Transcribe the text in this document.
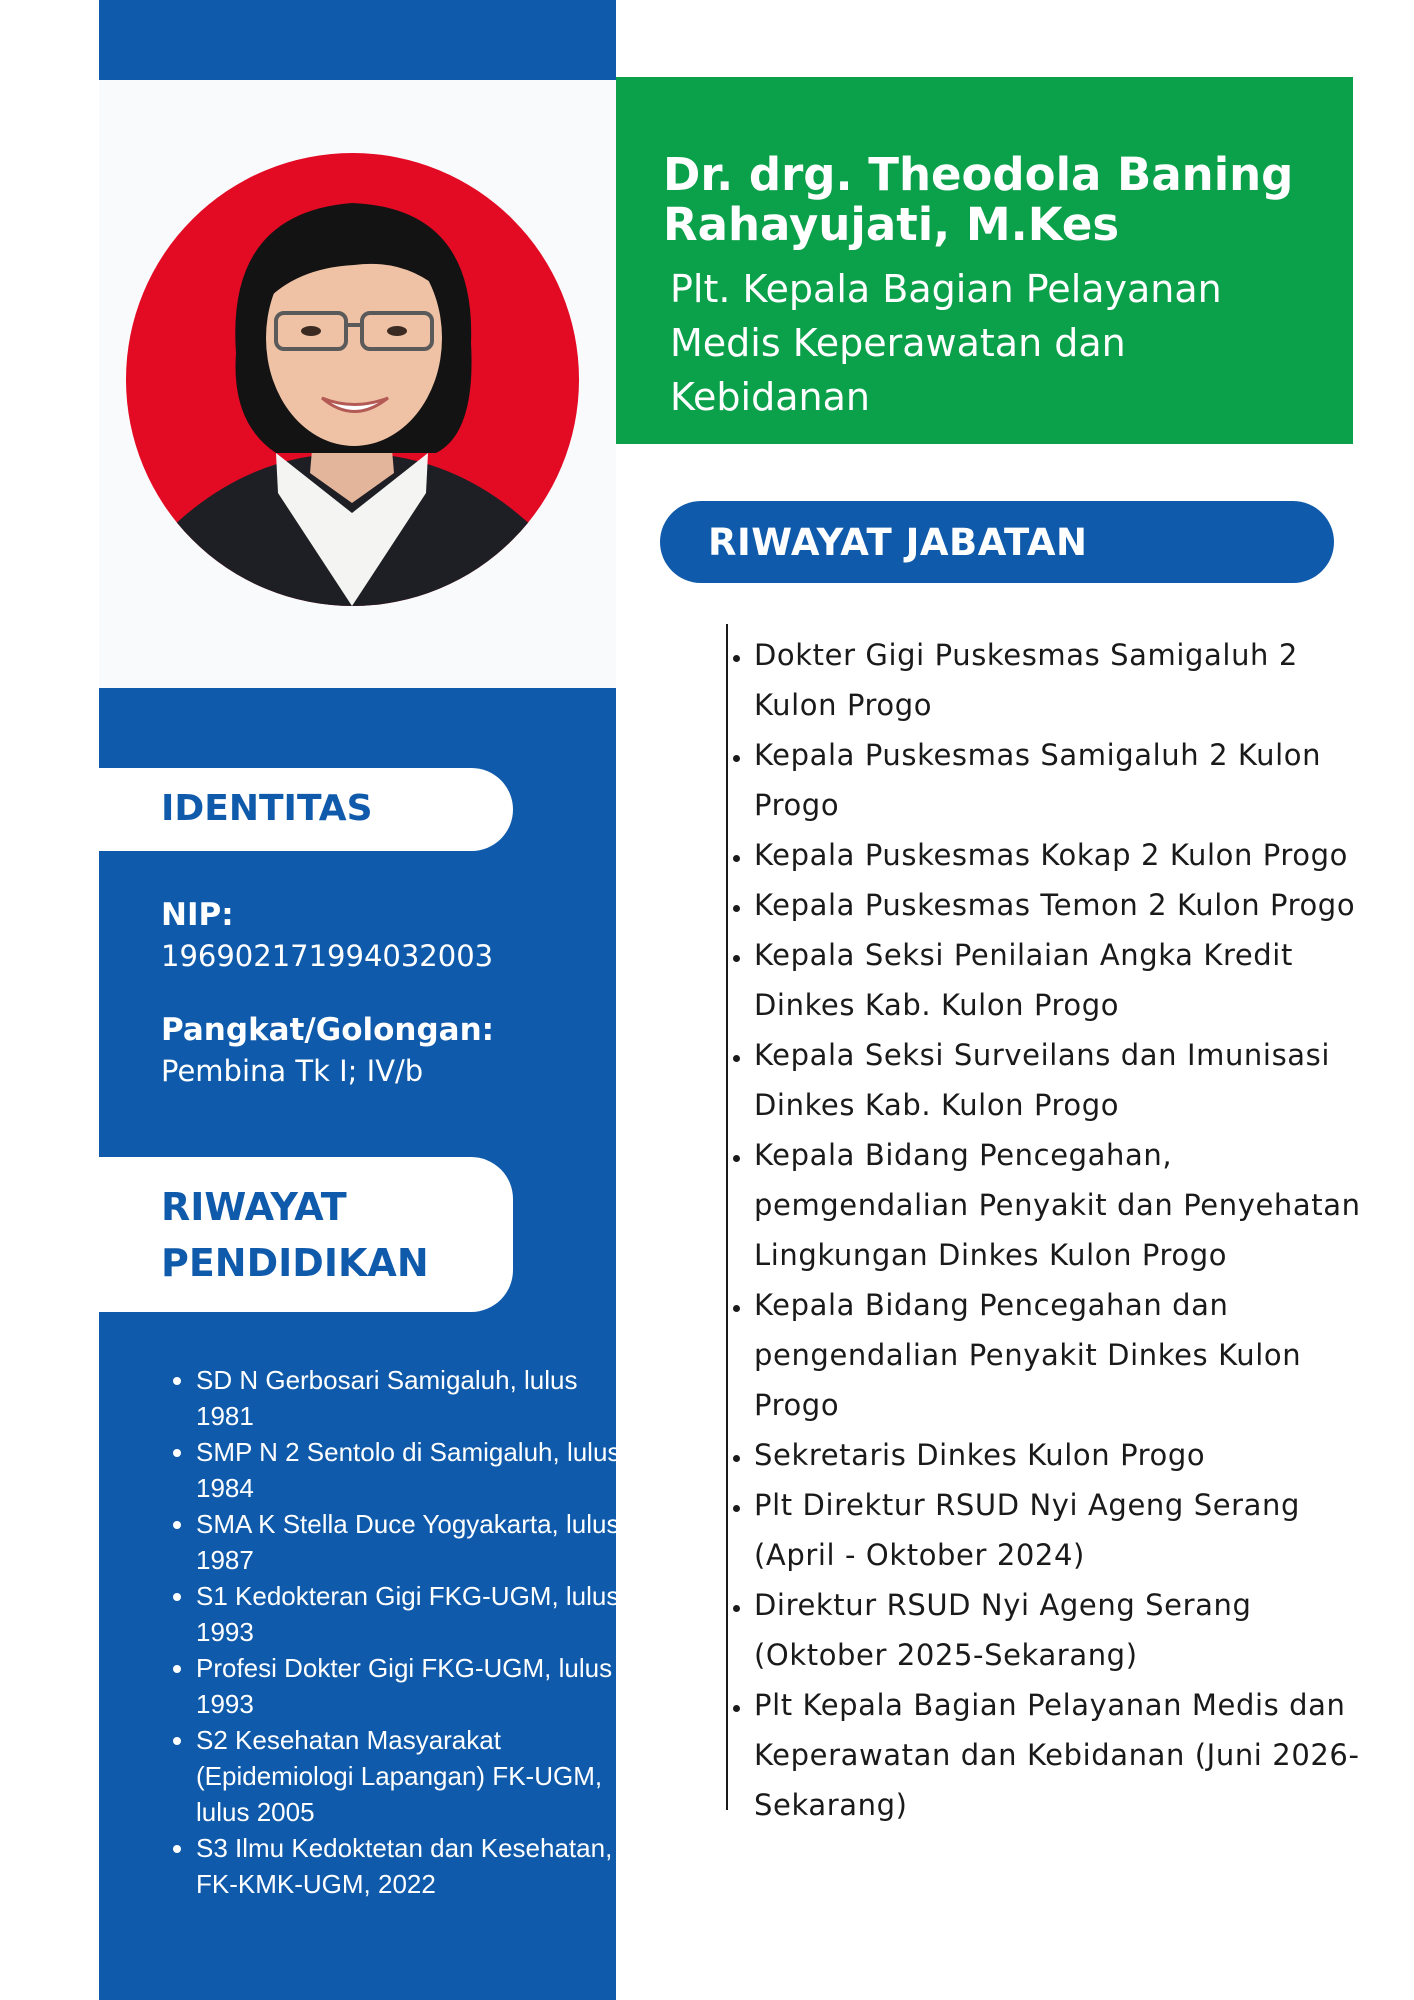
Dr. drg. Theodola Baning Rahayujati, M.Kes
Plt. Kepala Bagian Pelayanan Medis Keperawatan dan Kebidanan
RIWAYAT JABATAN
IDENTITAS
NIP:
196902171994032003
Pangkat/Golongan:
Pembina Tk I; IV/b
RIWAYAT PENDIDIKAN
• SD N Gerbosari Samigaluh, lulus 1981
• SMP N 2 Sentolo di Samigaluh, lulus 1984
• SMA K Stella Duce Yogyakarta, lulus 1987
• S1 Kedokteran Gigi FKG-UGM, lulus 1993
• Profesi Dokter Gigi FKG-UGM, lulus 1993
• S2 Kesehatan Masyarakat (Epidemiologi Lapangan) FK-UGM, lulus 2005
• S3 Ilmu Kedoktetan dan Kesehatan, FK-KMK-UGM, 2022
• Dokter Gigi Puskesmas Samigaluh 2 Kulon Progo
• Kepala Puskesmas Samigaluh 2 Kulon Progo
• Kepala Puskesmas Kokap 2 Kulon Progo
• Kepala Puskesmas Temon 2 Kulon Progo
• Kepala Seksi Penilaian Angka Kredit Dinkes Kab. Kulon Progo
• Kepala Seksi Surveilans dan Imunisasi Dinkes Kab. Kulon Progo
• Kepala Bidang Pencegahan, pemgendalian Penyakit dan Penyehatan Lingkungan Dinkes Kulon Progo
• Kepala Bidang Pencegahan dan pengendalian Penyakit Dinkes Kulon Progo
• Sekretaris Dinkes Kulon Progo
• Plt Direktur RSUD Nyi Ageng Serang (April - Oktober 2024)
• Direktur RSUD Nyi Ageng Serang (Oktober 2025-Sekarang)
• Plt Kepala Bagian Pelayanan Medis dan Keperawatan dan Kebidanan (Juni 2026-Sekarang)
